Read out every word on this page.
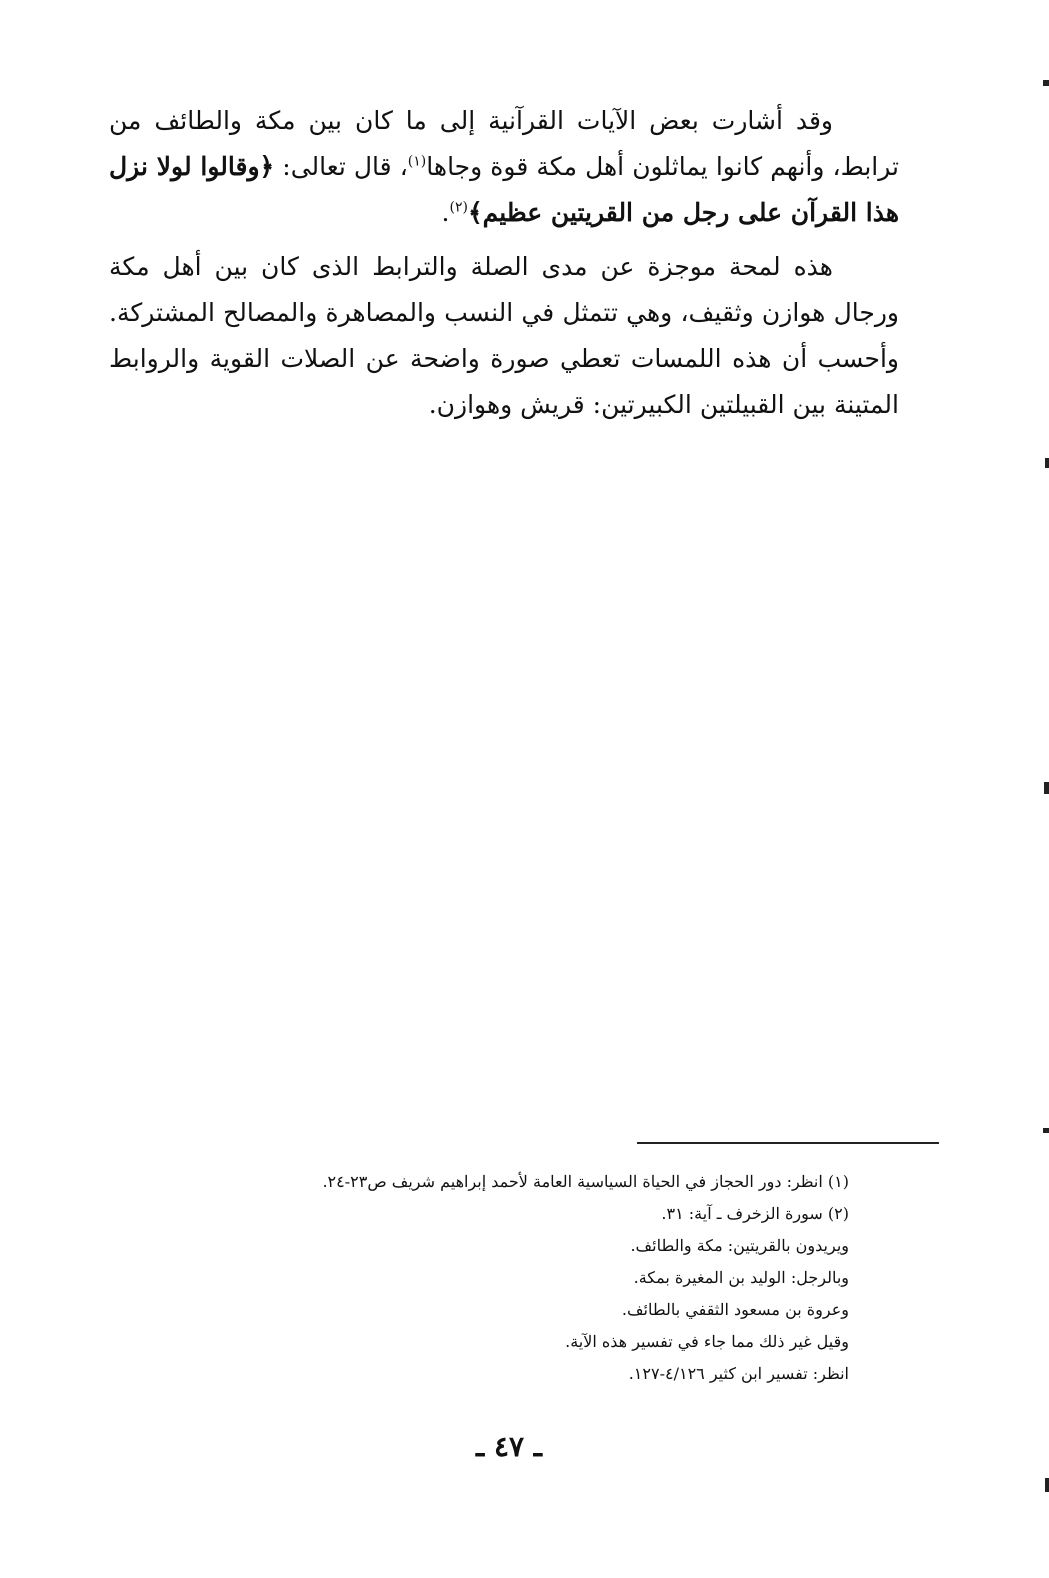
وقد أشارت بعض الآيات القرآنية إلى ما كان بين مكة والطائف من ترابط، وأنهم كانوا يماثلون أهل مكة قوة وجاها$^{(١)}$، قال تعالى: ﴿وقالوا لولا نزل هذا القرآن على رجل من القريتين عظيم﴾$^{(٢)}$.

هذه لمحة موجزة عن مدى الصلة والترابط الذى كان بين أهل مكة ورجال هوازن وثقيف، وهي تتمثل في النسب والمصاهرة والمصالح المشتركة. وأحسب أن هذه اللمسات تعطي صورة واضحة عن الصلات القوية والروابط المتينة بين القبيلتين الكبيرتين: قريش وهوازن.

(١) انظر: دور الحجاز في الحياة السياسية العامة لأحمد إبراهيم شريف ص٢٣-٢٤.
(٢) سورة الزخرف ـ آية: ٣١.
ويريدون بالقريتين: مكة والطائف.
وبالرجل: الوليد بن المغيرة بمكة.
وعروة بن مسعود الثقفي بالطائف.
وقيل غير ذلك مما جاء في تفسير هذه الآية.
انظر: تفسير ابن كثير ٤/١٢٦-١٢٧.
ـ ٤٧ ـ
